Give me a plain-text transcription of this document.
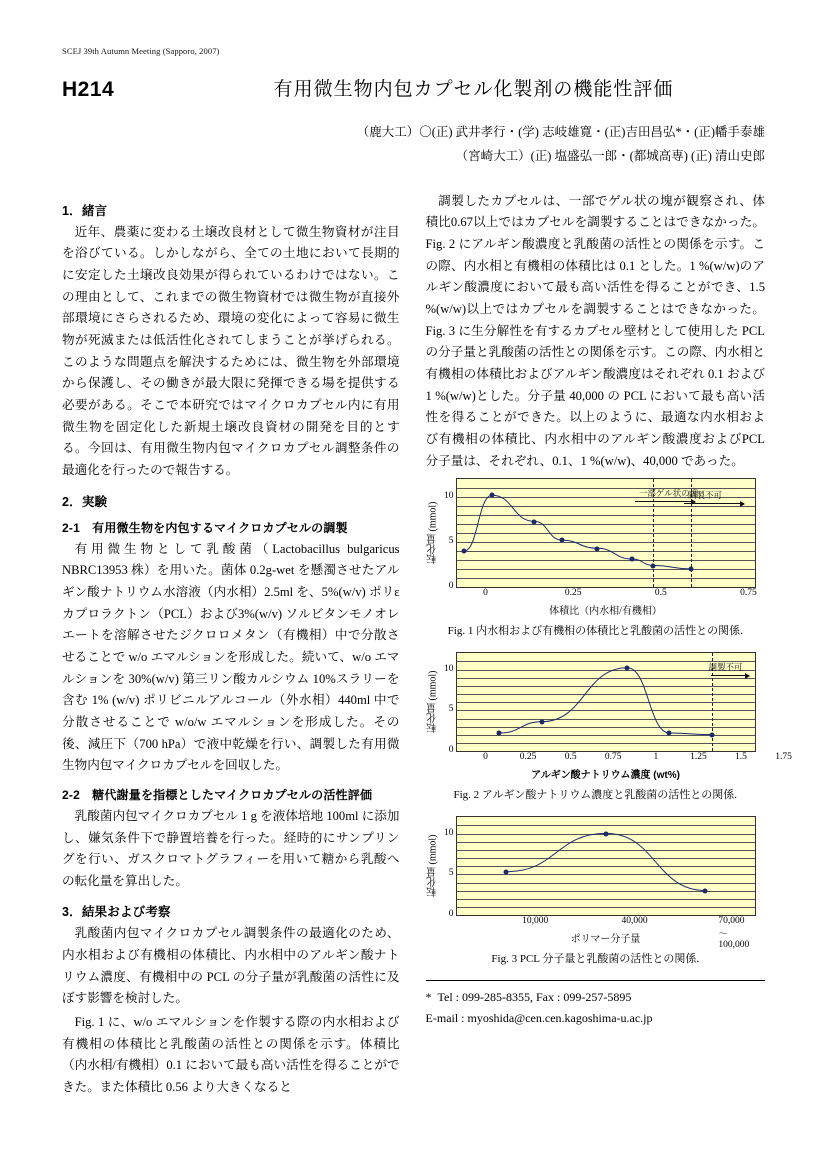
SCEJ 39th Autumn Meeting (Sapporo, 2007)
H214	有用微生物内包カプセル化製剤の機能性評価
（鹿大工）〇(正) 武井孝行・(学) 志岐雄寛・(正)吉田昌弘*・(正)幡手泰雄
（宮崎大工）(正) 塩盛弘一郎・(都城高専) (正) 清山史郎
1．緒言

近年、農薬に変わる土壌改良材として微生物資材が注目を浴びている。しかしながら、全ての土地において長期的に安定した土壌改良効果が得られているわけではない。この理由として、これまでの微生物資材では微生物が直接外部環境にさらされるため、環境の変化によって容易に微生物が死滅または低活性化されてしまうことが挙げられる。このような問題点を解決するためには、微生物を外部環境から保護し、その働きが最大限に発揮できる場を提供する必要がある。そこで本研究ではマイクロカプセル内に有用微生物を固定化した新規土壌改良資材の開発を目的とする。今回は、有用微生物内包マイクロカプセル調整条件の最適化を行ったので報告する。

2．実験
2-1　有用微生物を内包するマイクロカプセルの調製

有用微生物として乳酸菌（Lactobacillus bulgaricus NBRC13953 株）を用いた。菌体 0.2g-wet を懸濁させたアルギン酸ナトリウム水溶液（内水相）2.5ml を、5%(w/v) ポリεカプロラクトン（PCL）および3%(w/v) ソルビタンモノオレエートを溶解させたジクロロメタン（有機相）中で分散させることで w/o エマルションを形成した。続いて、w/o エマルションを 30%(w/v) 第三リン酸カルシウム 10%スラリーを含む 1% (w/v) ポリビニルアルコール（外水相）440ml 中で分散させることで w/o/w エマルションを形成した。その後、減圧下（700 hPa）で液中乾燥を行い、調製した有用微生物内包マイクロカプセルを回収した。

2-2　糖代謝量を指標としたマイクロカプセルの活性評価

乳酸菌内包マイクロカプセル 1 g を液体培地 100ml に添加し、嫌気条件下で静置培養を行った。経時的にサンプリングを行い、ガスクロマトグラフィーを用いて糖から乳酸への転化量を算出した。

3．結果および考察

乳酸菌内包マイクロカプセル調製条件の最適化のため、内水相および有機相の体積比、内水相中のアルギン酸ナトリウム濃度、有機相中の PCL の分子量が乳酸菌の活性に及ぼす影響を検討した。

Fig. 1 に、w/o エマルションを作製する際の内水相および有機相の体積比と乳酸菌の活性との関係を示す。体積比（内水相/有機相）0.1 において最も高い活性を得ることができた。また体積比 0.56 より大きくなると

調製したカプセルは、一部でゲル状の塊が観察され、体積比0.67以上ではカプセルを調製することはできなかった。Fig. 2 にアルギン酸濃度と乳酸菌の活性との関係を示す。この際、内水相と有機相の体積比は 0.1 とした。1 %(w/w)のアルギン酸濃度において最も高い活性を得ることができ、1.5 %(w/w)以上ではカプセルを調製することはできなかった。Fig. 3 に生分解性を有するカプセル壁材として使用した PCL の分子量と乳酸菌の活性との関係を示す。この際、内水相と有機相の体積比およびアルギン酸濃度はそれぞれ 0.1 および 1 %(w/w)とした。分子量 40,000 の PCL において最も高い活性を得ることができた。以上のように、最適な内水相および有機相の体積比、内水相中のアルギン酸濃度およびPCL 分子量は、それぞれ、0.1、1 %(w/w)、40,000 であった。

転化量 (mmol)
0
5
10	一部ゲル状の塊
調製不可
0	0.25	0.5	0.75
体積比（内水相/有機相）
Fig. 1 内水相および有機相の体積比と乳酸菌の活性との関係.
転化量 (mmol)
0
5
10	調製不可
0	0.25	0.5	0.75	1	1.25	1.5	1.75
アルギン酸ナトリウム濃度 (wt%)
Fig. 2 アルギン酸ナトリウム濃度と乳酸菌の活性との関係.
転化量 (mmol)
0
5
10
10,000	40,000	70,000～100,000
ポリマー分子量
Fig. 3 PCL 分子量と乳酸菌の活性との関係.
* Tel : 099-285-8355, Fax : 099-257-5895
E-mail : myoshida@cen.cen.kagoshima-u.ac.jp
